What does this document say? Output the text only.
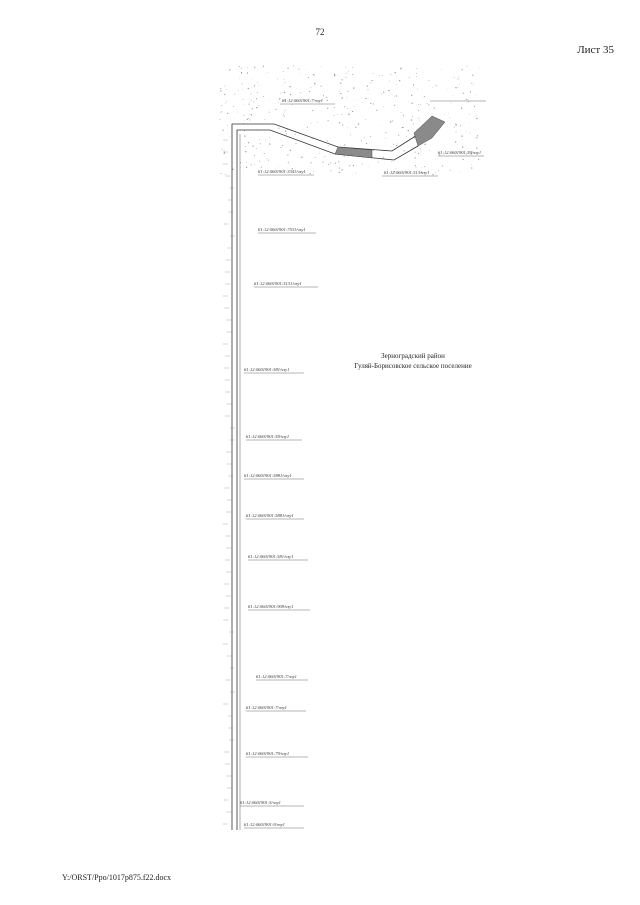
72
Лист 35
61:12:0601901:3341/чзу1
61:12:0601901:7531/чзу1
61:12:0601901:5131/чзу1
61:12:0601901:581/чзу1
61:12:0601901:59/чзу1
61:12:0601901:5881/чзу1
61:12:0601901:5881/чзу1
61:12:0601901:581/чзу1
61:12:0601901:909/чзу1
61:12:0601901:7/чзу1
61:12:0601901:7/чзу1
61:12:0601901:79/чзу1
61:12:0601901:5/чзу1
61:12:0601901:9/чзу1
61:12:0601901:7/чзу1
61:12:0601901:59/чзу1
61:12:0601901:513/чзу1
Зерноградский район
Гуляй-Борисовское сельское поселение
Y:/ORST/Ppo/1017p875.f22.docx
